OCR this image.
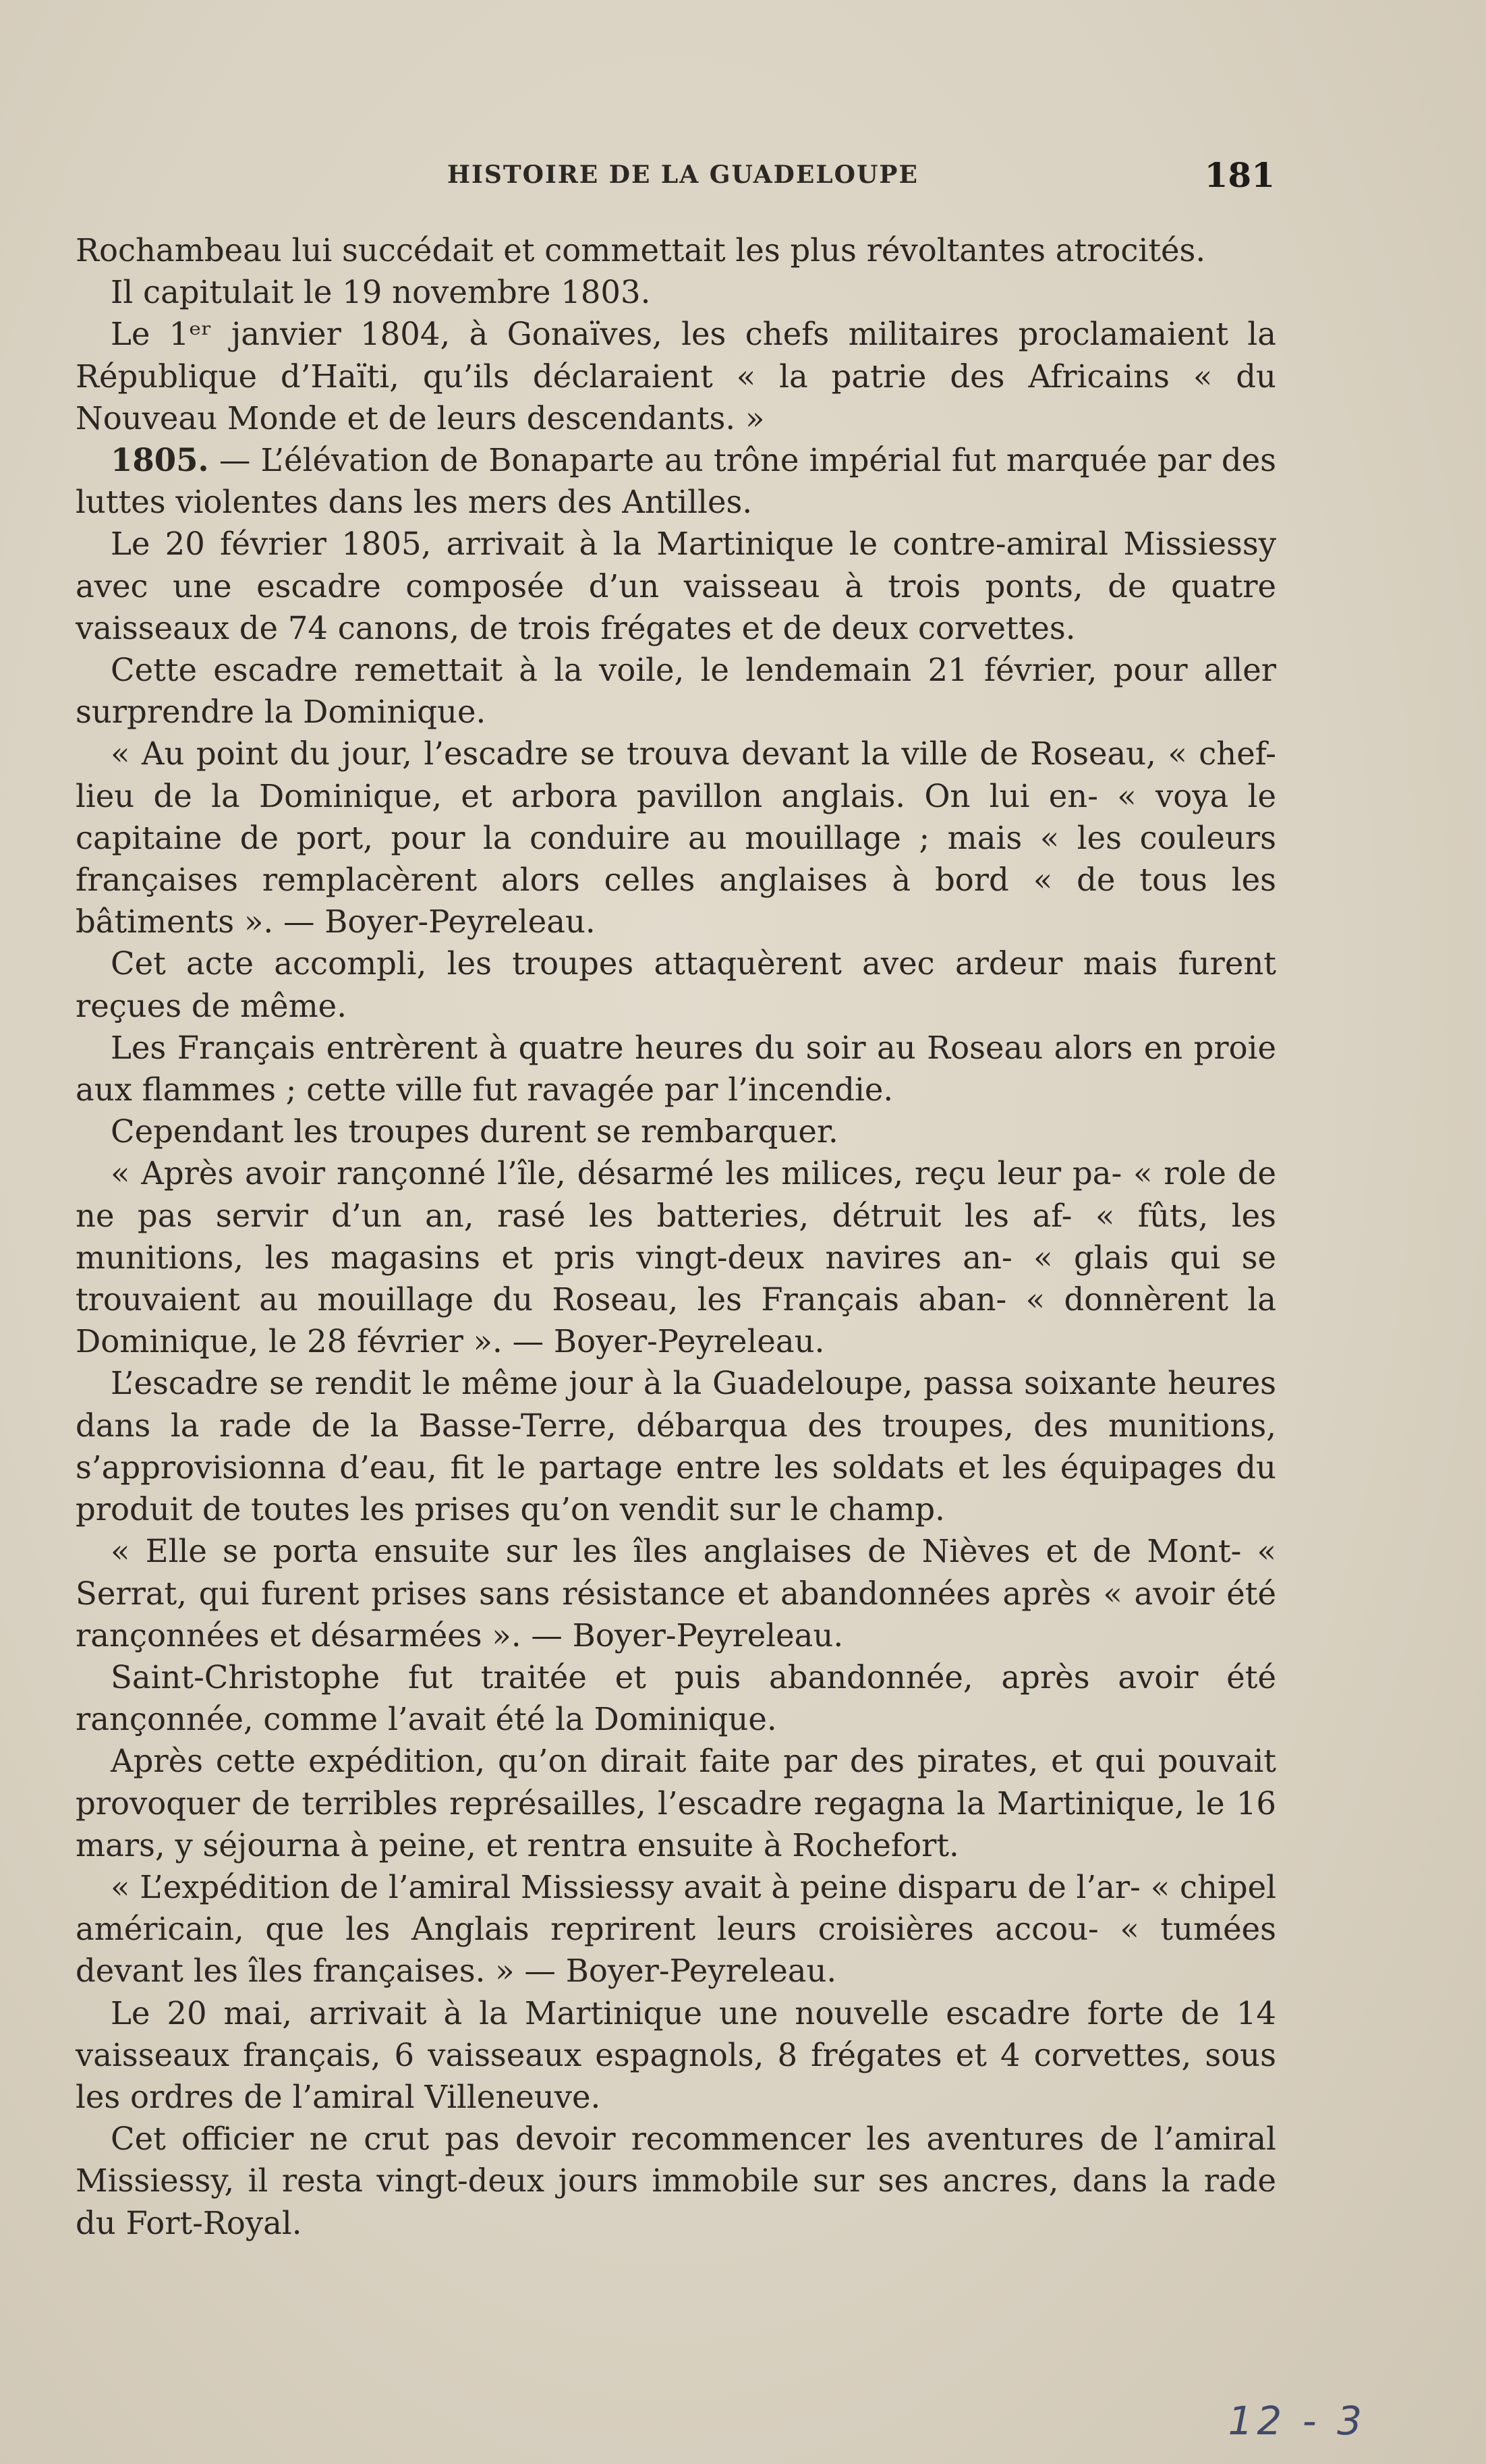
HISTOIRE DE LA GUADELOUPE	181

Rochambeau lui succédait et commettait les plus révoltantes atrocités.

Il capitulait le 19 novembre 1803.

Le 1ᵉʳ janvier 1804, à Gonaïves, les chefs militaires proclamaient la République d’Haïti, qu’ils déclaraient « la patrie des Africains « du Nouveau Monde et de leurs descendants. »

1805. — L’élévation de Bonaparte au trône impérial fut marquée par des luttes violentes dans les mers des Antilles.

Le 20 février 1805, arrivait à la Martinique le contre-amiral Missiessy avec une escadre composée d’un vaisseau à trois ponts, de quatre vaisseaux de 74 canons, de trois frégates et de deux corvettes.

Cette escadre remettait à la voile, le lendemain 21 février, pour aller surprendre la Dominique.

« Au point du jour, l’escadre se trouva devant la ville de Roseau, « chef-lieu de la Dominique, et arbora pavillon anglais. On lui en- « voya le capitaine de port, pour la conduire au mouillage ; mais « les couleurs françaises remplacèrent alors celles anglaises à bord « de tous les bâtiments ». — Boyer-Peyreleau.

Cet acte accompli, les troupes attaquèrent avec ardeur mais furent reçues de même.

Les Français entrèrent à quatre heures du soir au Roseau alors en proie aux flammes ; cette ville fut ravagée par l’incendie.

Cependant les troupes durent se rembarquer.

« Après avoir rançonné l’île, désarmé les milices, reçu leur pa- « role de ne pas servir d’un an, rasé les batteries, détruit les af- « fûts, les munitions, les magasins et pris vingt-deux navires an- « glais qui se trouvaient au mouillage du Roseau, les Français aban- « donnèrent la Dominique, le 28 février ». — Boyer-Peyreleau.

L’escadre se rendit le même jour à la Guadeloupe, passa soixante heures dans la rade de la Basse-Terre, débarqua des troupes, des munitions, s’approvisionna d’eau, fit le partage entre les soldats et les équipages du produit de toutes les prises qu’on vendit sur le champ.

« Elle se porta ensuite sur les îles anglaises de Nièves et de Mont- « Serrat, qui furent prises sans résistance et abandonnées après « avoir été rançonnées et désarmées ». — Boyer-Peyreleau.

Saint-Christophe fut traitée et puis abandonnée, après avoir été rançonnée, comme l’avait été la Dominique.

Après cette expédition, qu’on dirait faite par des pirates, et qui pouvait provoquer de terribles représailles, l’escadre regagna la Martinique, le 16 mars, y séjourna à peine, et rentra ensuite à Rochefort.

« L’expédition de l’amiral Missiessy avait à peine disparu de l’ar- « chipel américain, que les Anglais reprirent leurs croisières accou- « tumées devant les îles françaises. » — Boyer-Peyreleau.

Le 20 mai, arrivait à la Martinique une nouvelle escadre forte de 14 vaisseaux français, 6 vaisseaux espagnols, 8 frégates et 4 corvettes, sous les ordres de l’amiral Villeneuve.

Cet officier ne crut pas devoir recommencer les aventures de l’amiral Missiessy, il resta vingt-deux jours immobile sur ses ancres, dans la rade du Fort-Royal.

12 - 3
